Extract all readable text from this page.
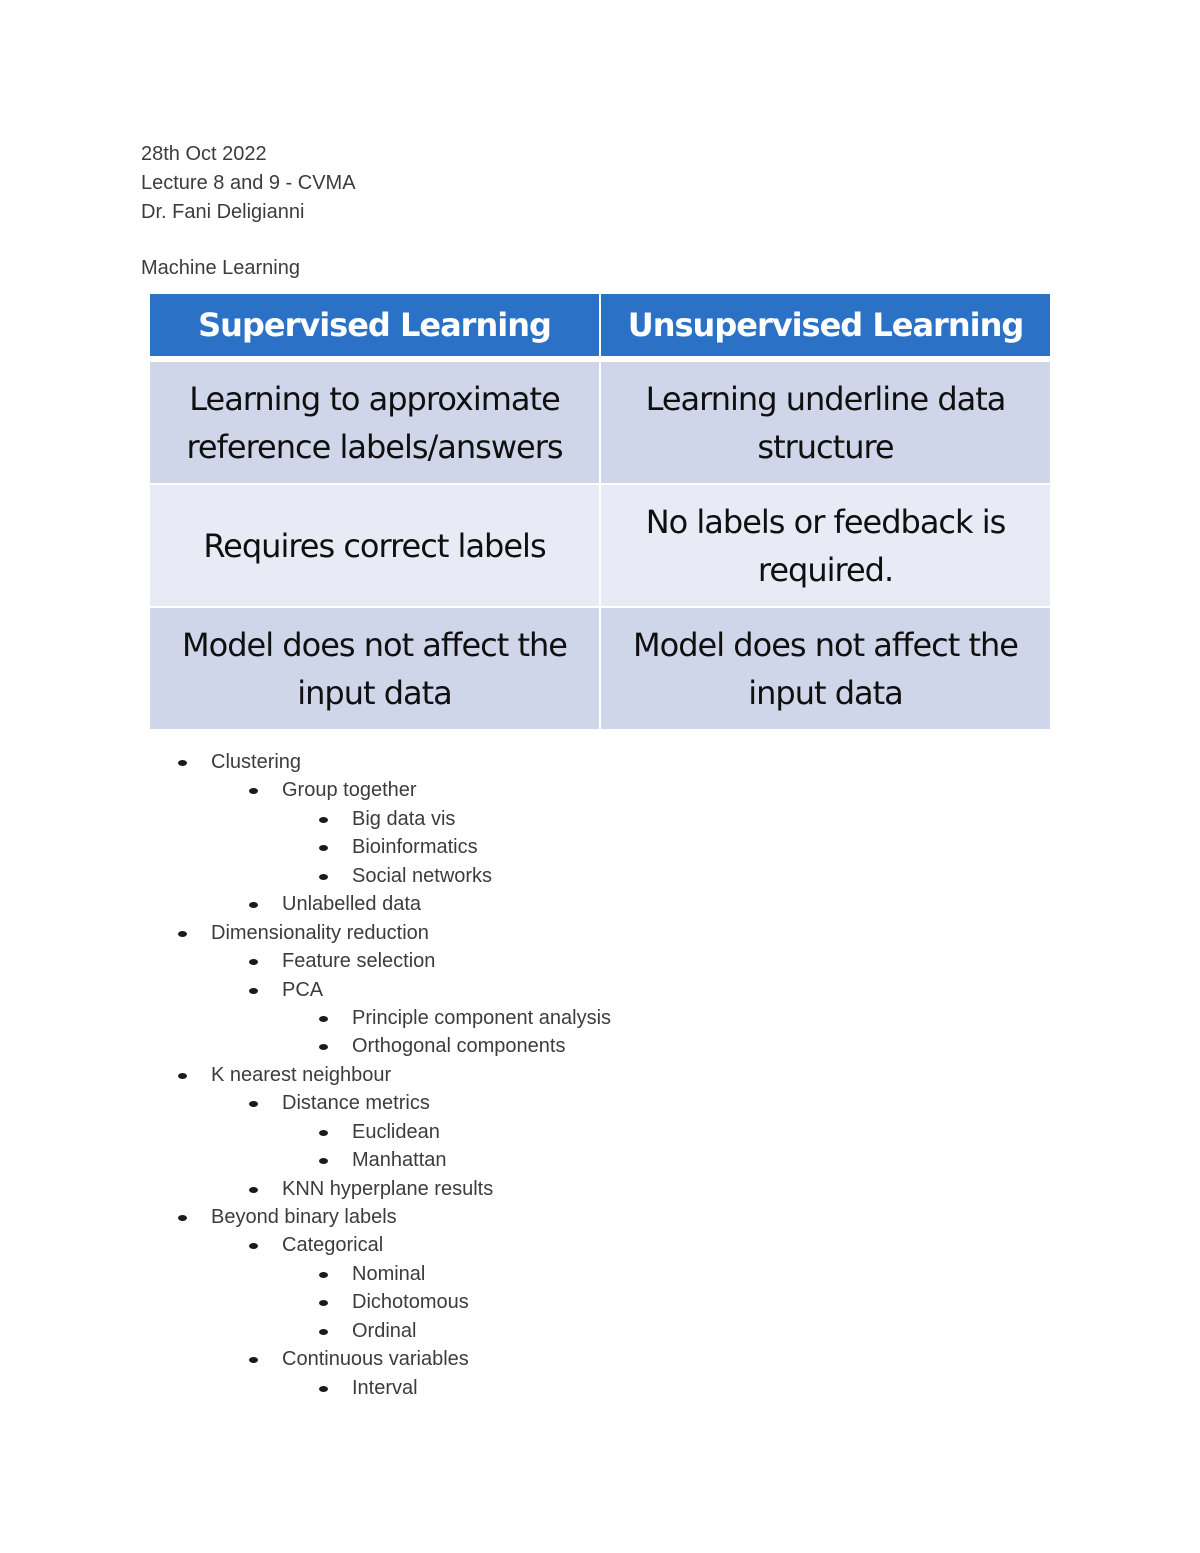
28th Oct 2022
Lecture 8 and 9 - CVMA
Dr. Fani Deligianni
Machine Learning
Supervised Learning	Unsupervised Learning
Learning to approximate reference labels/answers	Learning underline data structure
Requires correct labels	No labels or feedback is required.
Model does not affect the input data	Model does not affect the input data
Clustering
Group together
Big data vis
Bioinformatics
Social networks
Unlabelled data
Dimensionality reduction
Feature selection
PCA
Principle component analysis
Orthogonal components
K nearest neighbour
Distance metrics
Euclidean
Manhattan
KNN hyperplane results
Beyond binary labels
Categorical
Nominal
Dichotomous
Ordinal
Continuous variables
Interval
